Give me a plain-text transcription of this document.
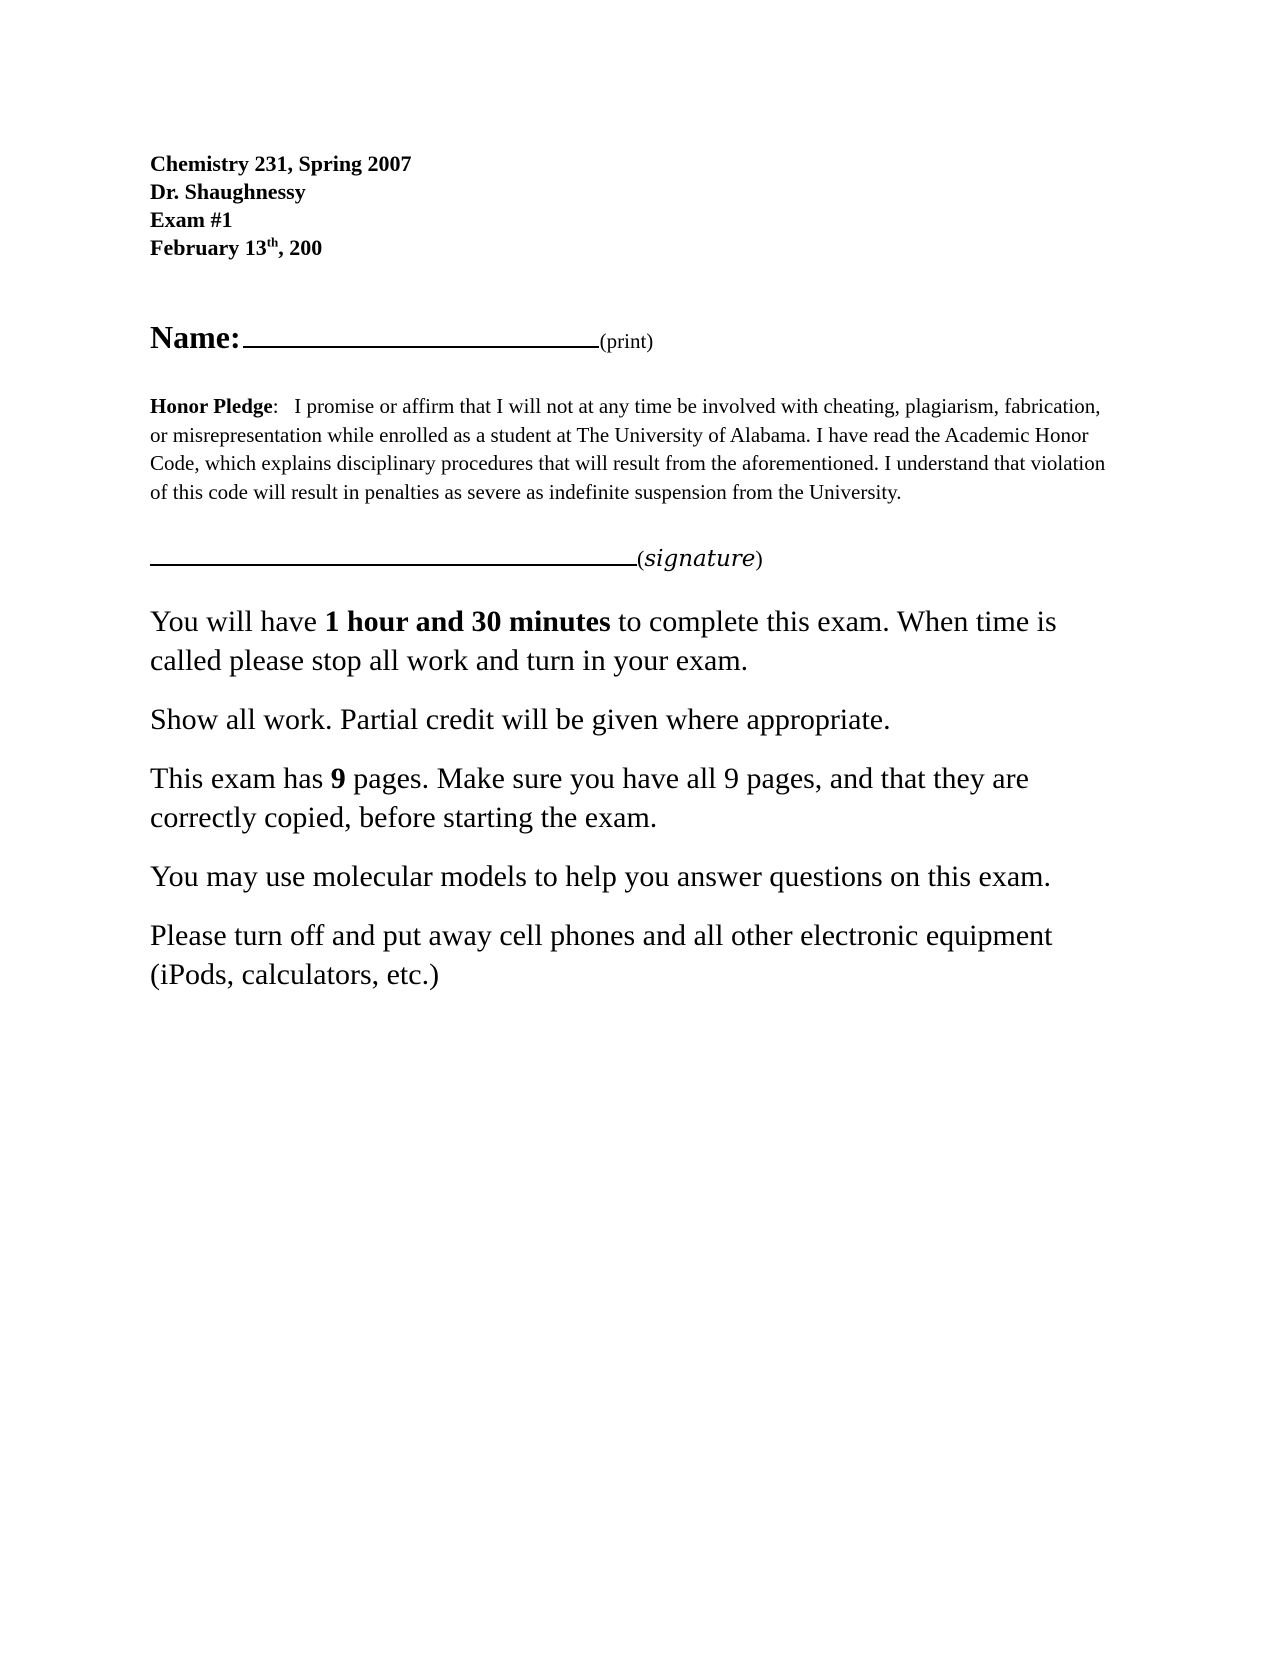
Chemistry 231, Spring 2007

Dr. Shaughnessy

Exam #1

February 13th, 200

Name:	(print)
Honor Pledge: I promise or affirm that I will not at any time be involved with cheating, plagiarism, fabrication, or misrepresentation while enrolled as a student at The University of Alabama. I have read the Academic Honor Code, which explains disciplinary procedures that will result from the aforementioned. I understand that violation of this code will result in penalties as severe as indefinite suspension from the University.
( signature )

You will have 1 hour and 30 minutes to complete this exam. When time is called please stop all work and turn in your exam.

Show all work. Partial credit will be given where appropriate.

This exam has 9 pages. Make sure you have all 9 pages, and that they are correctly copied, before starting the exam.

You may use molecular models to help you answer questions on this exam.

Please turn off and put away cell phones and all other electronic equipment (iPods, calculators, etc.)
